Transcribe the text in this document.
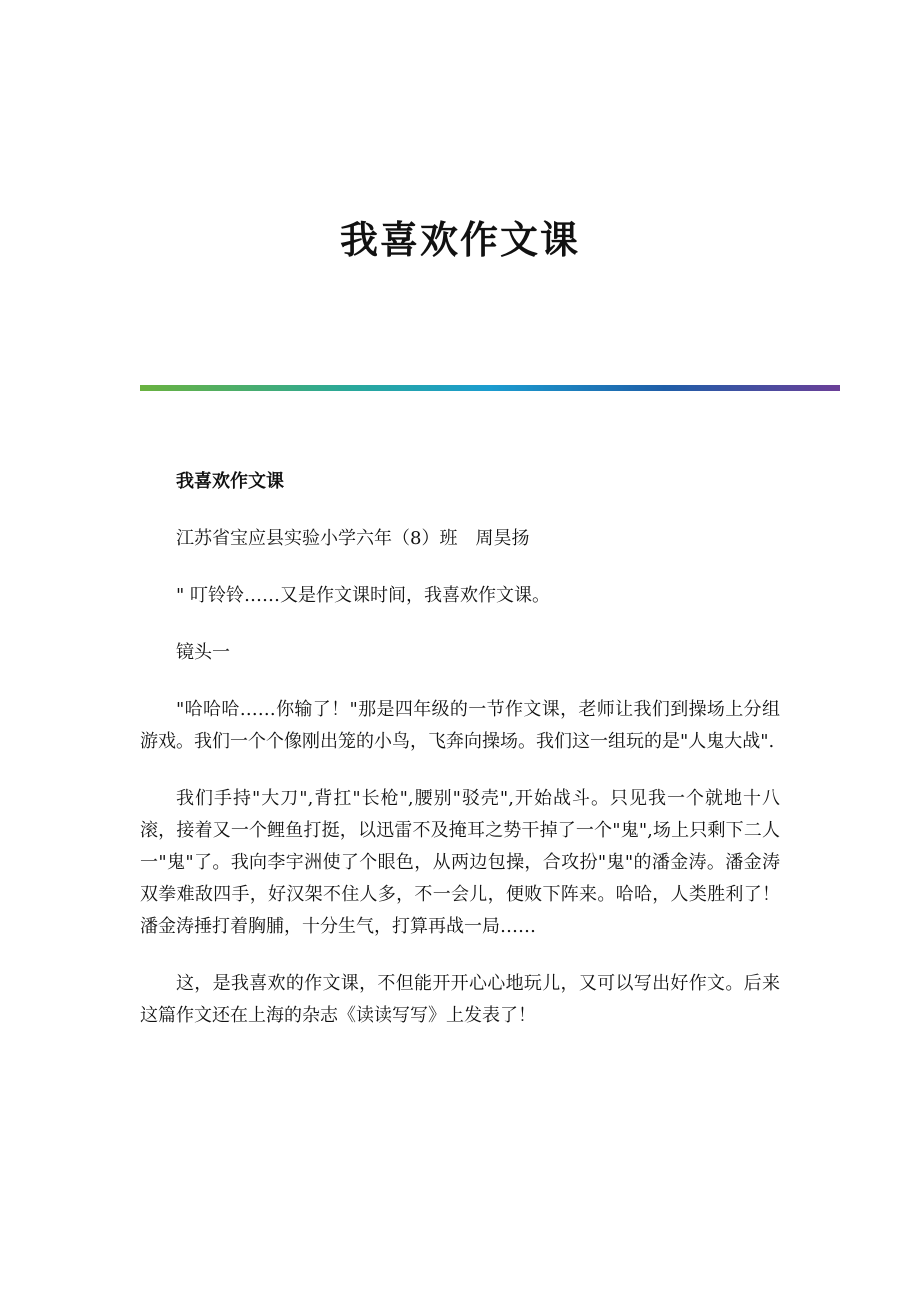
我喜欢作文课

我喜欢作文课

江苏省宝应县实验小学六年（8）班　周昊扬

" 叮铃铃……又是作文课时间，我喜欢作文课。

镜头一

"哈哈哈……你输了！"那是四年级的一节作文课，老师让我们到操场上分组游戏。我们一个个像刚出笼的小鸟，飞奔向操场。我们这一组玩的是"人鬼大战".

我们手持"大刀",背扛"长枪",腰别"驳壳",开始战斗。只见我一个就地十八滚，接着又一个鲤鱼打挺，以迅雷不及掩耳之势干掉了一个"鬼",场上只剩下二人一"鬼"了。我向李宇洲使了个眼色，从两边包操，合攻扮"鬼"的潘金涛。潘金涛双拳难敌四手，好汉架不住人多，不一会儿，便败下阵来。哈哈，人类胜利了！潘金涛捶打着胸脯，十分生气，打算再战一局……

这，是我喜欢的作文课，不但能开开心心地玩儿，又可以写出好作文。后来这篇作文还在上海的杂志《读读写写》上发表了！
